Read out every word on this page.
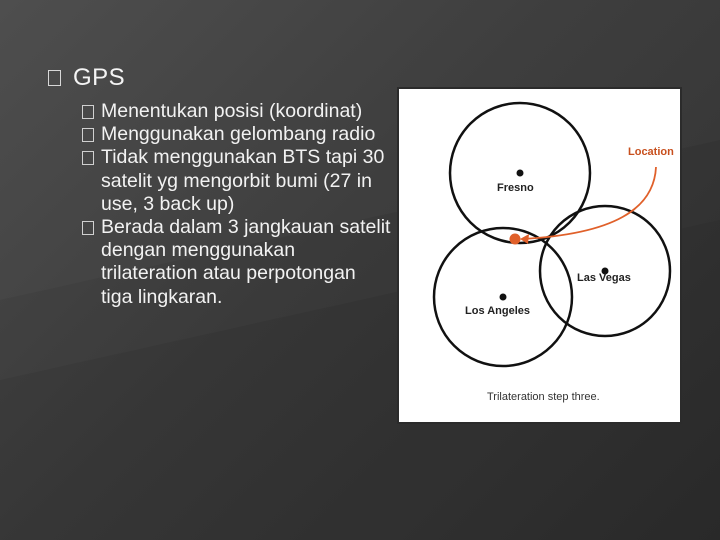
GPS
Menentukan posisi (koordinat)
Menggunakan gelombang radio
Tidak menggunakan BTS tapi 30 satelit yg mengorbit bumi (27 in use, 3 back up)
Berada dalam 3 jangkauan satelit dengan menggunakan trilateration atau perpotongan tiga lingkaran.
Location
Fresno
Las Vegas
Los Angeles
Trilateration step three.
